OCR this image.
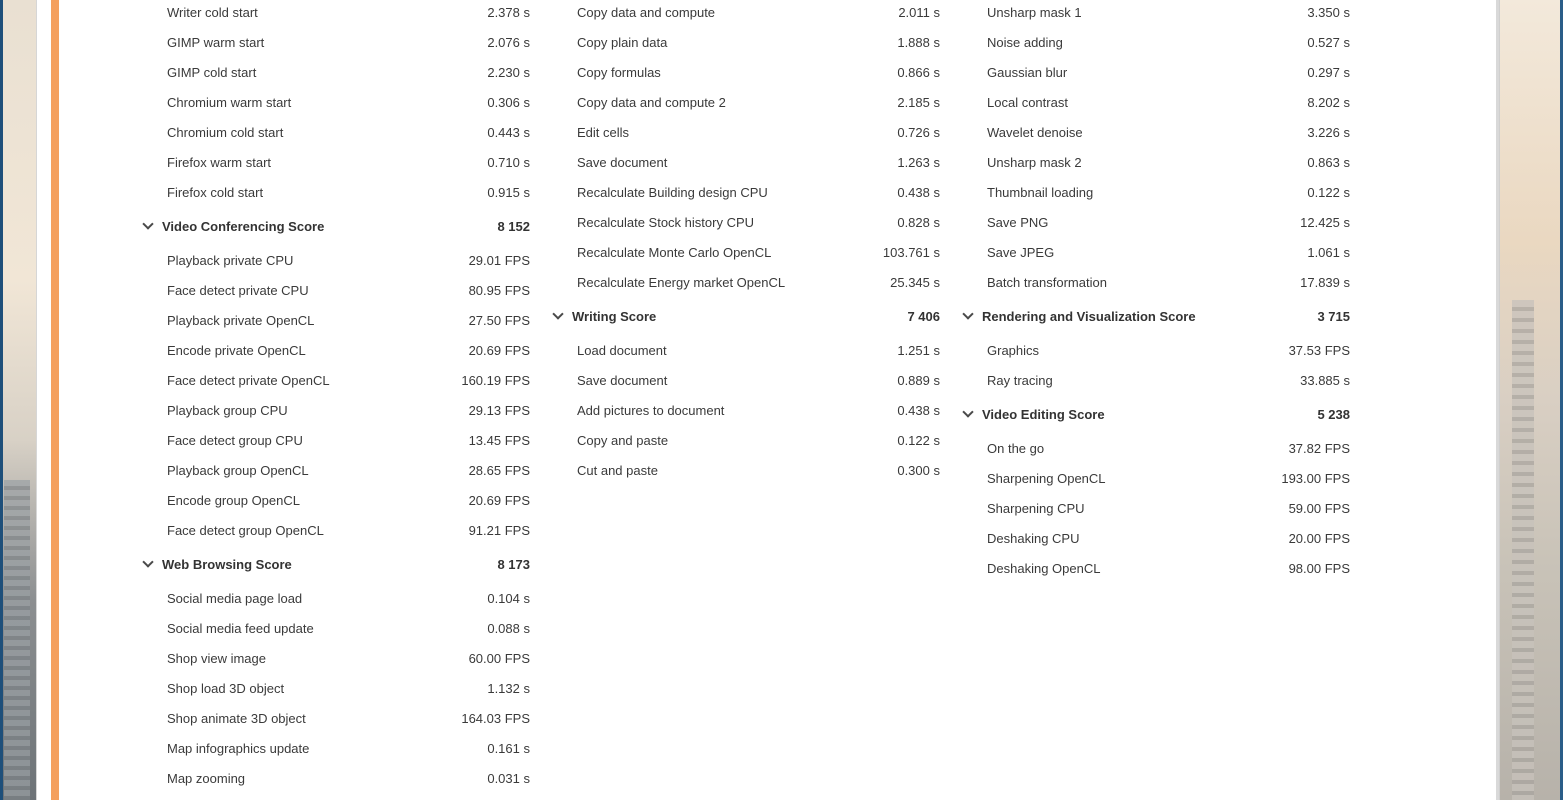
Writer cold start	2.378 s
GIMP warm start	2.076 s
GIMP cold start	2.230 s
Chromium warm start	0.306 s
Chromium cold start	0.443 s
Firefox warm start	0.710 s
Firefox cold start	0.915 s
Video Conferencing Score	8 152
Playback private CPU	29.01 FPS
Face detect private CPU	80.95 FPS
Playback private OpenCL	27.50 FPS
Encode private OpenCL	20.69 FPS
Face detect private OpenCL	160.19 FPS
Playback group CPU	29.13 FPS
Face detect group CPU	13.45 FPS
Playback group OpenCL	28.65 FPS
Encode group OpenCL	20.69 FPS
Face detect group OpenCL	91.21 FPS
Web Browsing Score	8 173
Social media page load	0.104 s
Social media feed update	0.088 s
Shop view image	60.00 FPS
Shop load 3D object	1.132 s
Shop animate 3D object	164.03 FPS
Map infographics update	0.161 s
Map zooming	0.031 s
Copy data and compute	2.011 s
Copy plain data	1.888 s
Copy formulas	0.866 s
Copy data and compute 2	2.185 s
Edit cells	0.726 s
Save document	1.263 s
Recalculate Building design CPU	0.438 s
Recalculate Stock history CPU	0.828 s
Recalculate Monte Carlo OpenCL	103.761 s
Recalculate Energy market OpenCL	25.345 s
Writing Score	7 406
Load document	1.251 s
Save document	0.889 s
Add pictures to document	0.438 s
Copy and paste	0.122 s
Cut and paste	0.300 s
Unsharp mask 1	3.350 s
Noise adding	0.527 s
Gaussian blur	0.297 s
Local contrast	8.202 s
Wavelet denoise	3.226 s
Unsharp mask 2	0.863 s
Thumbnail loading	0.122 s
Save PNG	12.425 s
Save JPEG	1.061 s
Batch transformation	17.839 s
Rendering and Visualization Score	3 715
Graphics	37.53 FPS
Ray tracing	33.885 s
Video Editing Score	5 238
On the go	37.82 FPS
Sharpening OpenCL	193.00 FPS
Sharpening CPU	59.00 FPS
Deshaking CPU	20.00 FPS
Deshaking OpenCL	98.00 FPS
